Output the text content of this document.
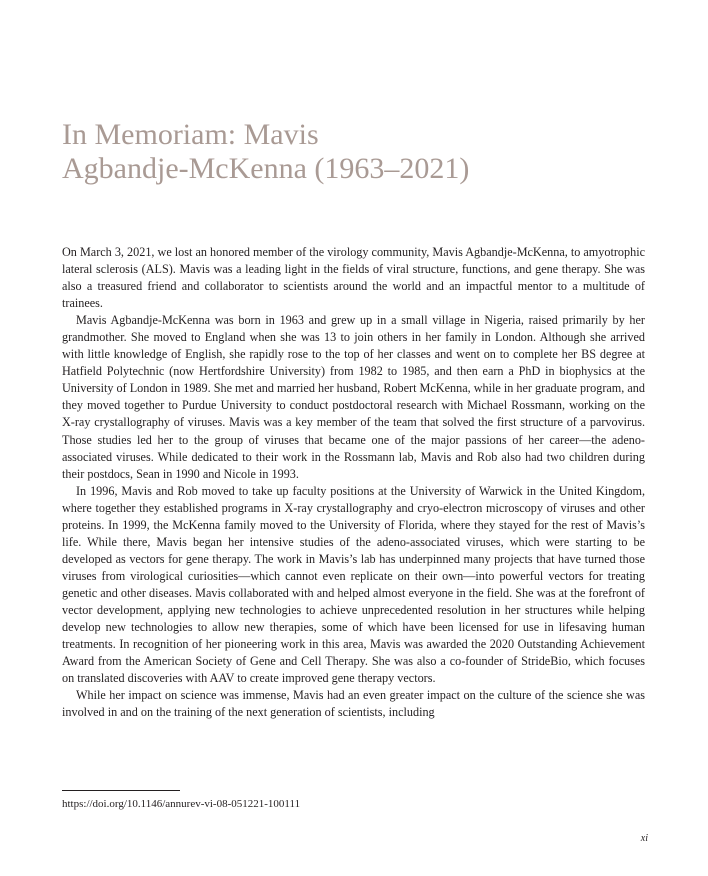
In Memoriam: Mavis
Agbandje-McKenna (1963–2021)

On March 3, 2021, we lost an honored member of the virology community, Mavis Agbandje-McKenna, to amyotrophic lateral sclerosis (ALS). Mavis was a leading light in the fields of viral structure, functions, and gene therapy. She was also a treasured friend and collaborator to scientists around the world and an impactful mentor to a multitude of trainees.

Mavis Agbandje-McKenna was born in 1963 and grew up in a small village in Nigeria, raised primarily by her grandmother. She moved to England when she was 13 to join others in her family in London. Although she arrived with little knowledge of English, she rapidly rose to the top of her classes and went on to complete her BS degree at Hatfield Polytechnic (now Hertfordshire University) from 1982 to 1985, and then earn a PhD in biophysics at the University of London in 1989. She met and married her husband, Robert McKenna, while in her graduate program, and they moved together to Purdue University to conduct postdoctoral research with Michael Rossmann, working on the X-ray crystallography of viruses. Mavis was a key member of the team that solved the first structure of a parvovirus. Those studies led her to the group of viruses that became one of the major passions of her career—the adeno-associated viruses. While dedicated to their work in the Rossmann lab, Mavis and Rob also had two children during their postdocs, Sean in 1990 and Nicole in 1993.

In 1996, Mavis and Rob moved to take up faculty positions at the University of Warwick in the United Kingdom, where together they established programs in X-ray crystallography and cryo-electron microscopy of viruses and other proteins. In 1999, the McKenna family moved to the University of Florida, where they stayed for the rest of Mavis’s life. While there, Mavis began her intensive studies of the adeno-associated viruses, which were starting to be developed as vectors for gene therapy. The work in Mavis’s lab has underpinned many projects that have turned those viruses from virological curiosities—which cannot even replicate on their own—into powerful vectors for treating genetic and other diseases. Mavis collaborated with and helped almost everyone in the field. She was at the forefront of vector development, applying new technologies to achieve unprecedented resolution in her structures while helping develop new technologies to allow new therapies, some of which have been licensed for use in lifesaving human treatments. In recognition of her pioneering work in this area, Mavis was awarded the 2020 Outstanding Achievement Award from the American Society of Gene and Cell Therapy. She was also a co-founder of StrideBio, which focuses on translated discoveries with AAV to create improved gene therapy vectors.

While her impact on science was immense, Mavis had an even greater impact on the culture of the science she was involved in and on the training of the next generation of scientists, including

https://doi.org/10.1146/annurev-vi-08-051221-100111
xi
